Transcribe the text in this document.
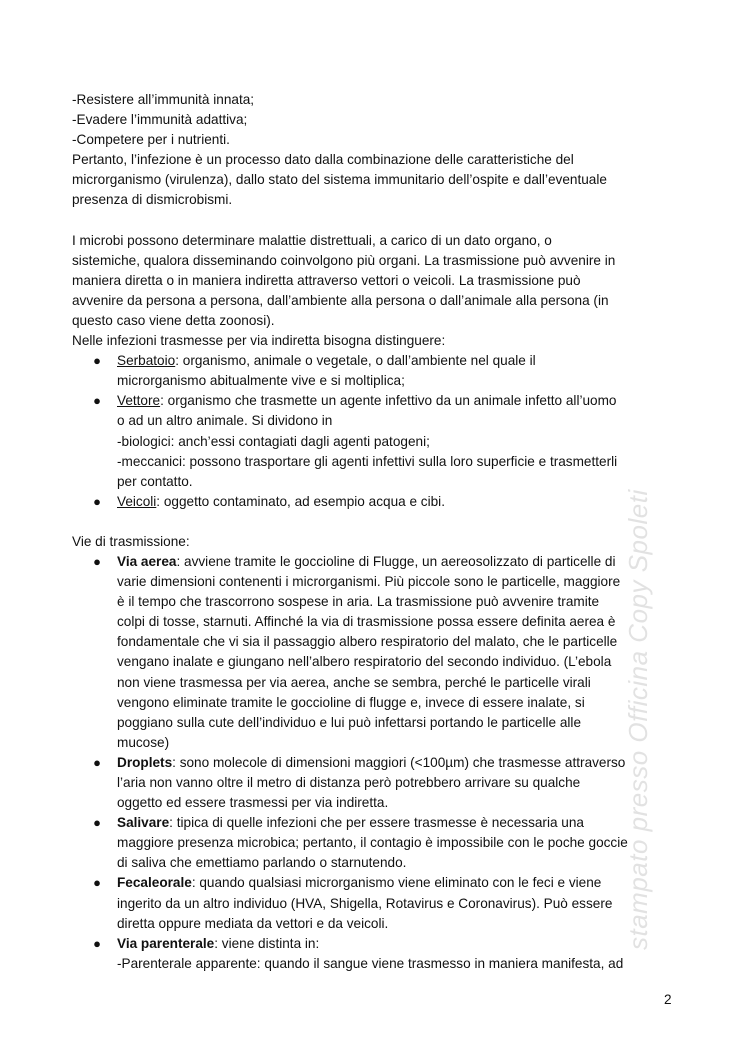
-Resistere all’immunità innata;

-Evadere l’immunità adattiva;

-Competere per i nutrienti.

Pertanto, l’infezione è un processo dato dalla combinazione delle caratteristiche del

microrganismo (virulenza), dallo stato del sistema immunitario dell’ospite e dall’eventuale

presenza di dismicrobismi.

I microbi possono determinare malattie distrettuali, a carico di un dato organo, o

sistemiche, qualora disseminando coinvolgono più organi. La trasmissione può avvenire in

maniera diretta o in maniera indiretta attraverso vettori o veicoli. La trasmissione può

avvenire da persona a persona, dall’ambiente alla persona o dall’animale alla persona (in

questo caso viene detta zoonosi).

Nelle infezioni trasmesse per via indiretta bisogna distinguere:

● Serbatoio: organismo, animale o vegetale, o dall’ambiente nel quale il
microrganismo abitualmente vive e si moltiplica;
● Vettore: organismo che trasmette un agente infettivo da un animale infetto all’uomo
o ad un altro animale. Si dividono in
-biologici: anch’essi contagiati dagli agenti patogeni;
-meccanici: possono trasportare gli agenti infettivi sulla loro superficie e trasmetterli
per contatto.
● Veicoli: oggetto contaminato, ad esempio acqua e cibi.

Vie di trasmissione:

● Via aerea: avviene tramite le goccioline di Flugge, un aereosolizzato di particelle di
varie dimensioni contenenti i microrganismi. Più piccole sono le particelle, maggiore
è il tempo che trascorrono sospese in aria. La trasmissione può avvenire tramite
colpi di tosse, starnuti. Affinché la via di trasmissione possa essere definita aerea è
fondamentale che vi sia il passaggio albero respiratorio del malato, che le particelle
vengano inalate e giungano nell’albero respiratorio del secondo individuo. (L’ebola
non viene trasmessa per via aerea, anche se sembra, perché le particelle virali
vengono eliminate tramite le goccioline di flugge e, invece di essere inalate, si
poggiano sulla cute dell’individuo e lui può infettarsi portando le particelle alle
mucose)
● Droplets: sono molecole di dimensioni maggiori (<100µm) che trasmesse attraverso
l’aria non vanno oltre il metro di distanza però potrebbero arrivare su qualche
oggetto ed essere trasmessi per via indiretta.
● Salivare: tipica di quelle infezioni che per essere trasmesse è necessaria una
maggiore presenza microbica; pertanto, il contagio è impossibile con le poche goccie
di saliva che emettiamo parlando o starnutendo.
● Fecaleorale: quando qualsiasi microrganismo viene eliminato con le feci e viene
ingerito da un altro individuo (HVA, Shigella, Rotavirus e Coronavirus). Può essere
diretta oppure mediata da vettori e da veicoli.
● Via parenterale: viene distinta in:
-Parenterale apparente: quando il sangue viene trasmesso in maniera manifesta, ad
stampato presso Officina Copy Spoleti
2
